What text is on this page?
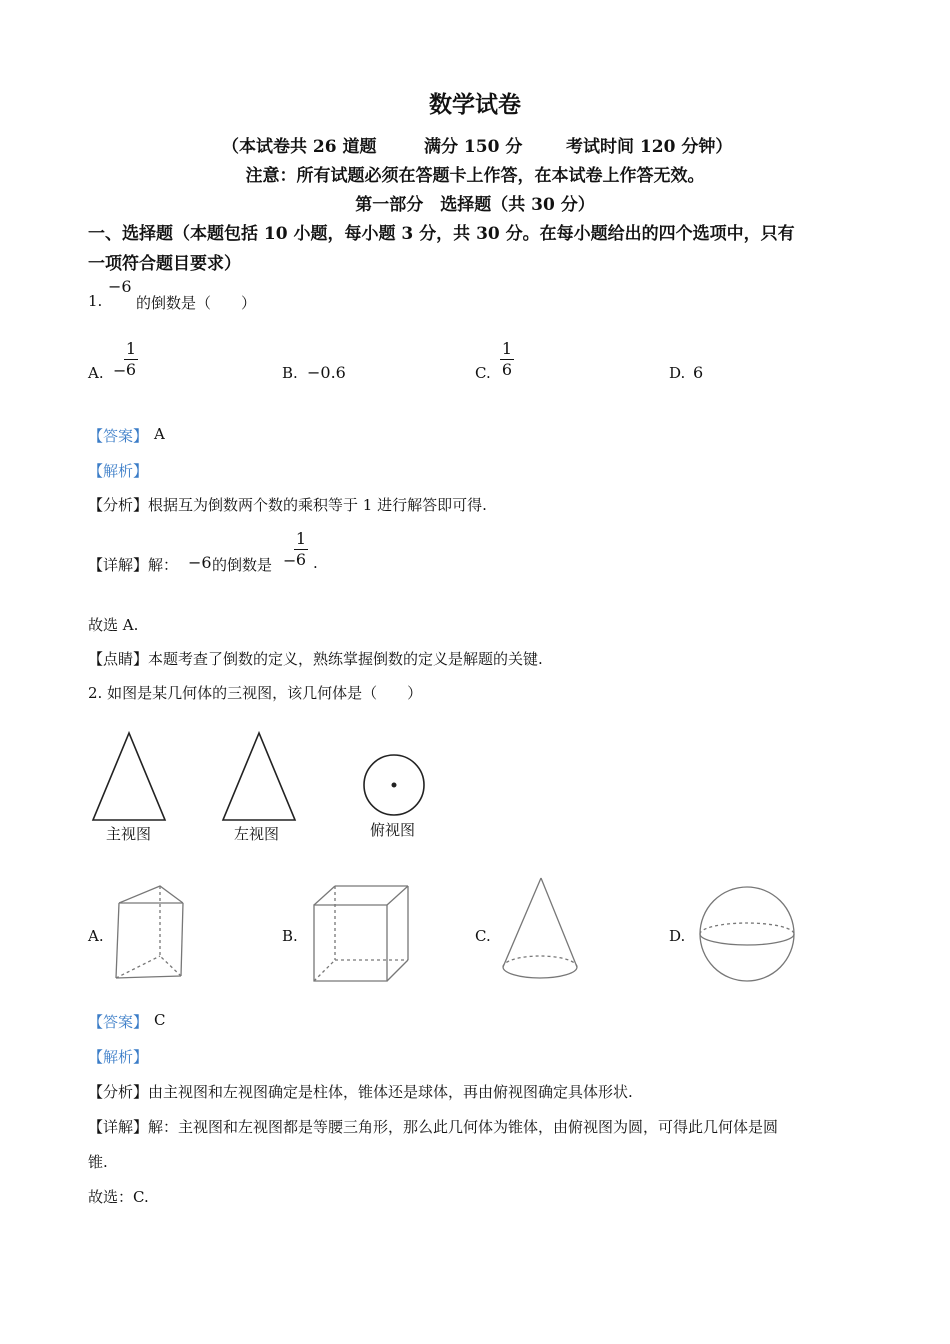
数学试卷
（本试卷共 26 道题	满分 150 分	考试时间 120 分钟）
注意：所有试题必须在答题卡上作答，在本试卷上作答无效。
第一部分　选择题（共 30 分）
一、选择题（本题包括 10 小题，每小题 3 分，共 30 分。在每小题给出的四个选项中，只有
一项符合题目要求）
1.
−6
的倒数是（　　）
A. −
1
6	B. −0.6	C.
1
6	D. 6
【答案】 A
【解析】
【分析】根据互为倒数两个数的乘积等于 1 进行解答即可得.
【详解】解： −6 的倒数是 −
1
6 .
故选 A.
【点睛】本题考查了倒数的定义，熟练掌握倒数的定义是解题的关键.
2. 如图是某几何体的三视图，该几何体是（　　）
主视图	左视图	俯视图
A.	B.	C.	D.
【答案】 C
【解析】
【分析】由主视图和左视图确定是柱体，锥体还是球体，再由俯视图确定具体形状.
【详解】解：主视图和左视图都是等腰三角形，那么此几何体为锥体，由俯视图为圆，可得此几何体是圆
锥.
故选：C.
